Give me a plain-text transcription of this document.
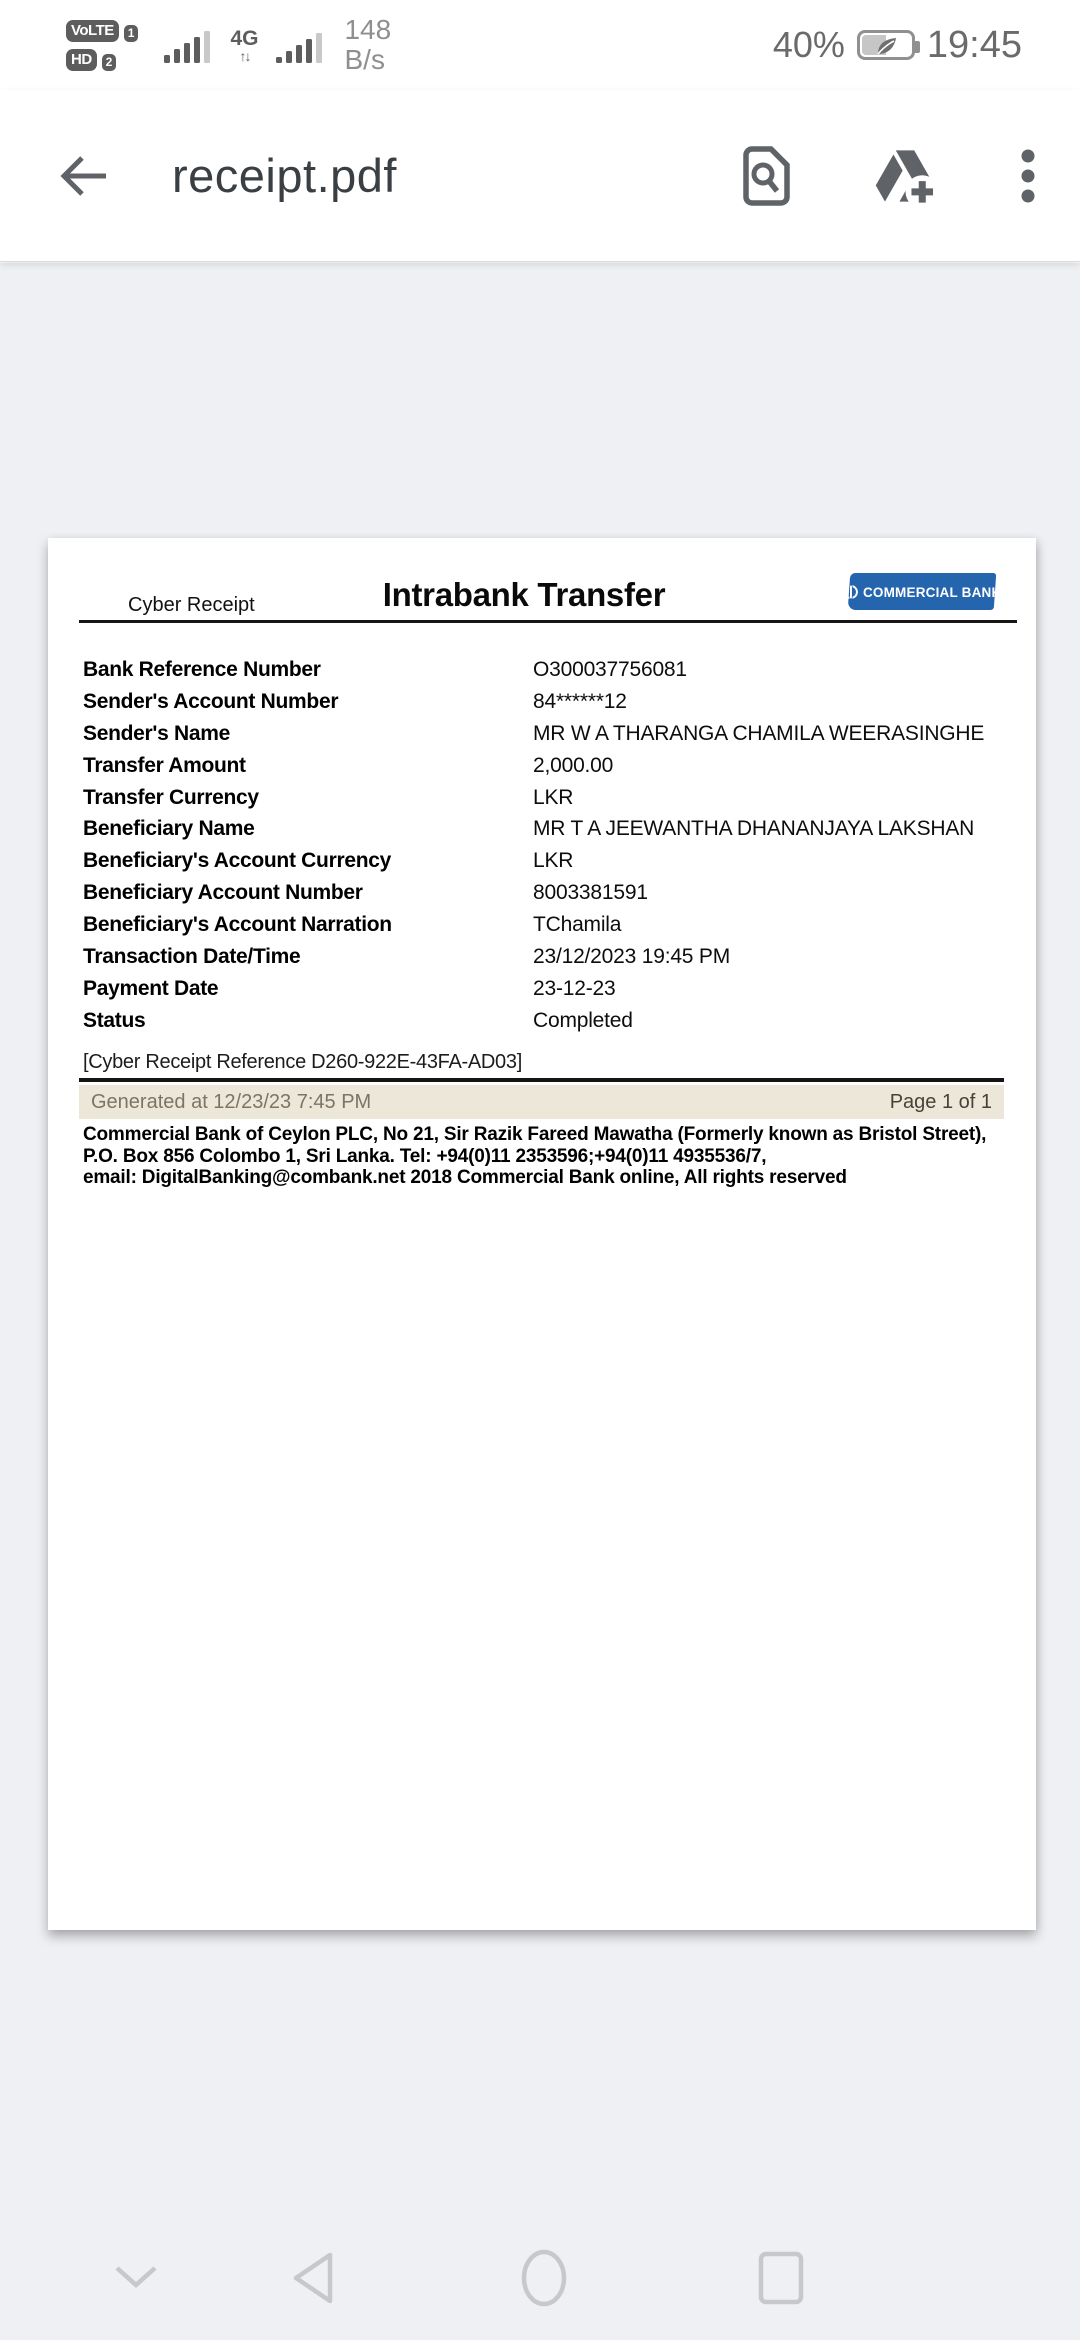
VoLTE	1
HD	2
4G
↑↓
148
B/s	40% 19:45
receipt.pdf
Cyber Receipt	Intrabank Transfer	COMMERCIAL BANK
Bank Reference Number	O300037756081
Sender's Account Number	84******12
Sender's Name	MR W A THARANGA CHAMILA WEERASINGHE
Transfer Amount	2,000.00
Transfer Currency	LKR
Beneficiary Name	MR T A JEEWANTHA DHANANJAYA LAKSHAN
Beneficiary's Account Currency	LKR
Beneficiary Account Number	8003381591
Beneficiary's Account Narration	TChamila
Transaction Date/Time	23/12/2023 19:45 PM
Payment Date	23-12-23
Status	Completed
[Cyber Receipt Reference D260-922E-43FA-AD03]
Generated at 12/23/23 7:45 PM	Page 1 of 1
Commercial Bank of Ceylon PLC, No 21, Sir Razik Fareed Mawatha (Formerly known as Bristol Street),
P.O. Box 856 Colombo 1, Sri Lanka. Tel: +94(0)11 2353596;+94(0)11 4935536/7,
email: DigitalBanking@combank.net 2018 Commercial Bank online, All rights reserved
